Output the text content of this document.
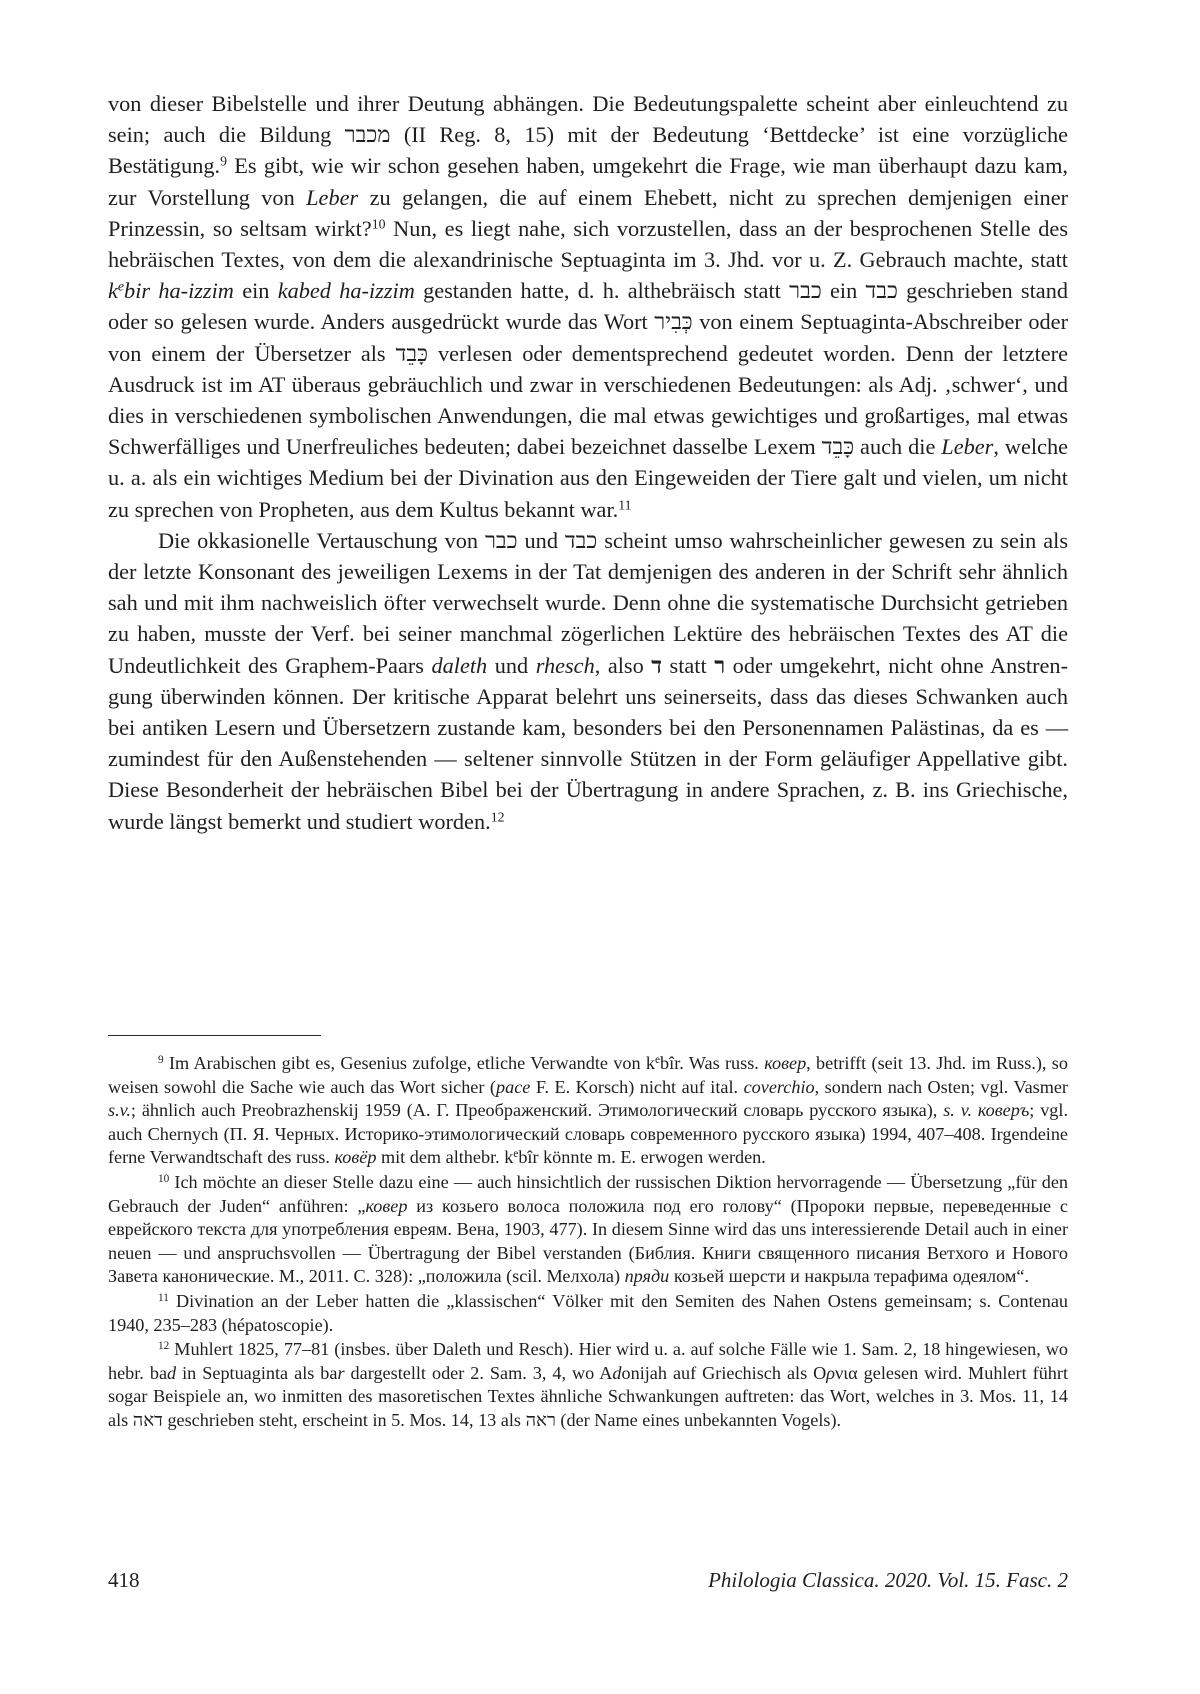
von dieser Bibelstelle und ihrer Deutung abhängen. Die Bedeutungspalette scheint aber einleuchtend zu sein; auch die Bildung מכבר (II Reg. 8, 15) mit der Bedeutung ‘Bettdecke’ ist eine vorzügliche Bestätigung.$^9$ Es gibt, wie wir schon gesehen haben, umgekehrt die Frage, wie man überhaupt dazu kam, zur Vorstellung von Leber zu gelangen, die auf einem Ehebett, nicht zu sprechen demjenigen einer Prinzessin, so seltsam wirkt?$^{10}$ Nun, es liegt nahe, sich vorzustellen, dass an der besprochenen Stelle des hebräischen Textes, von dem die alexandrinische Septuaginta im 3. Jhd. vor u. Z. Gebrauch machte, statt $k^ebir$ ha-izzim ein kabed ha-izzim gestanden hatte, d. h. althebräisch statt כבר ein כבד geschrieben stand oder so gelesen wurde. Anders ausgedrückt wurde das Wort כְּבִיר von einem Septuaginta-Abschreiber oder von einem der Übersetzer als כָּבֵד verlesen oder dementsprechend gedeutet worden. Denn der letztere Ausdruck ist im AT überaus gebräuchlich und zwar in verschiedenen Bedeutungen: als Adj. ‚schwer‘, und dies in verschiedenen symbolischen Anwendungen, die mal etwas gewichtiges und großartiges, mal etwas Schwerfälliges und Unerfreuliches bedeuten; dabei bezeichnet dasselbe Lexem כָּבֵד auch die Leber, welche u. a. als ein wichtiges Medium bei der Divination aus den Eingeweiden der Tiere galt und vielen, um nicht zu sprechen von Propheten, aus dem Kultus bekannt war.$^{11}$

Die okkasionelle Vertauschung von כבר und כבד scheint umso wahrscheinlicher gewesen zu sein als der letzte Konsonant des jeweiligen Lexems in der Tat demjenigen des anderen in der Schrift sehr ähnlich sah und mit ihm nachweislich öfter verwechselt wurde. Denn ohne die systematische Durchsicht getrieben zu haben, musste der Verf. bei seiner manchmal zögerlichen Lektüre des hebräischen Textes des AT die Undeutlichkeit des Graphem-Paars daleth und rhesch, also ד statt ר oder umgekehrt, nicht ohne Anstrengung überwinden können. Der kritische Apparat belehrt uns seinerseits, dass das dieses Schwanken auch bei antiken Lesern und Übersetzern zustande kam, besonders bei den Personennamen Palästinas, da es — zumindest für den Außenstehenden — seltener sinnvolle Stützen in der Form geläufiger Appellative gibt. Diese Besonderheit der hebräischen Bibel bei der Übertragung in andere Sprachen, z. B. ins Griechische, wurde längst bemerkt und studiert worden.$^{12}$

$^9$ Im Arabischen gibt es, Gesenius zufolge, etliche Verwandte von $k^ebîr$. Was russ. ковер, betrifft (seit 13. Jhd. im Russ.), so weisen sowohl die Sache wie auch das Wort sicher (pace F. E. Korsch) nicht auf ital. coverchio, sondern nach Osten; vgl. Vasmer s.v.; ähnlich auch Preobrazhenskij 1959 (А. Г. Преображенский. Этимологический словарь русского языка), s. v. коверъ; vgl. auch Chernych (П. Я. Черных. Историко-этимологический словарь современного русского языка) 1994, 407–408. Irgendeine ferne Verwandtschaft des russ. ковёр mit dem althebr. $k^ebîr$ könnte m. E. erwogen werden.

$^{10}$ Ich möchte an dieser Stelle dazu eine — auch hinsichtlich der russischen Diktion hervorragende — Übersetzung „für den Gebrauch der Juden“ anführen: „ковер из козьего волоса положила под его голову“ (Пророки первые, переведенные с еврейского текста для употребления евреям. Вена, 1903, 477). In diesem Sinne wird das uns interessierende Detail auch in einer neuen — und anspruchsvollen — Übertragung der Bibel verstanden (Библия. Книги священного писания Ветхого и Нового Завета канонические. М., 2011. С. 328): „положила (scil. Мелхола) пряди козьей шерсти и накрыла терафима одеялом“.

$^{11}$ Divination an der Leber hatten die „klassischen“ Völker mit den Semiten des Nahen Ostens gemeinsam; s. Contenau 1940, 235–283 (hépatoscopie).

$^{12}$ Muhlert 1825, 77–81 (insbes. über Daleth und Resch). Hier wird u. a. auf solche Fälle wie 1. Sam. 2, 18 hingewiesen, wo hebr. bad in Septuaginta als bar dargestellt oder 2. Sam. 3, 4, wo Adonijah auf Griechisch als Ορνια gelesen wird. Muhlert führt sogar Beispiele an, wo inmitten des masoretischen Textes ähnliche Schwankungen auftreten: das Wort, welches in 3. Mos. 11, 14 als דאה geschrieben steht, erscheint in 5. Mos. 14, 13 als ראה (der Name eines unbekannten Vogels).

418	Philologia Classica. 2020. Vol. 15. Fasc. 2
